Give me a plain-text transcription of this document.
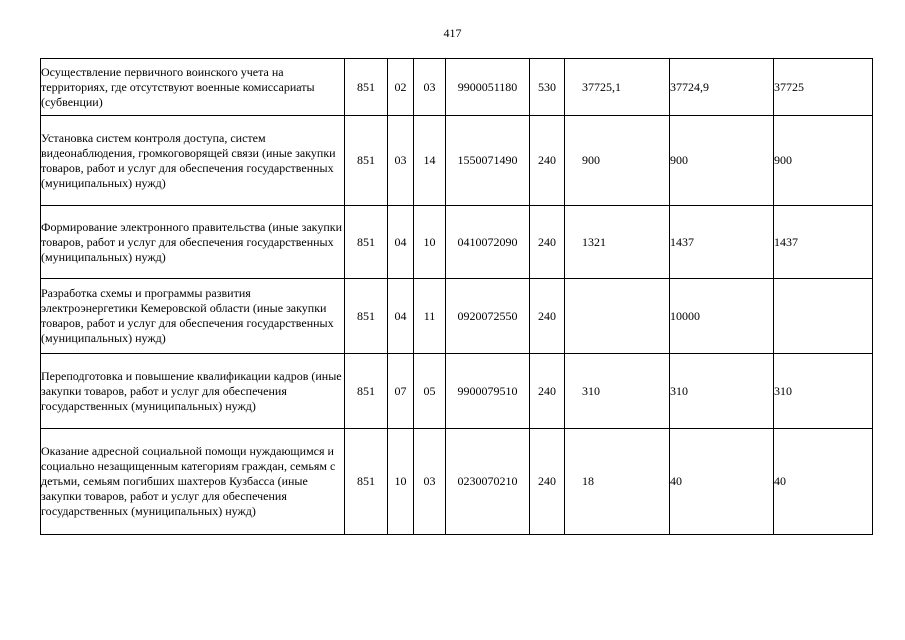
417
Осуществление первичного воинского учета на территориях, где отсутствуют военные комиссариаты (субвенции)	851	02	03	9900051180	530	37725,1	37724,9	37725
Установка систем контроля доступа, систем видеонаблюдения, громкоговорящей связи (иные закупки товаров, работ и услуг для обеспечения государственных (муниципальных) нужд)	851	03	14	1550071490	240	900	900	900
Формирование электронного правительства (иные закупки товаров, работ и услуг для обеспечения государственных (муниципальных) нужд)	851	04	10	0410072090	240	1321	1437	1437
Разработка схемы и программы развития электроэнергетики Кемеровской области (иные закупки товаров, работ и услуг для обеспечения государственных (муниципальных) нужд)	851	04	11	0920072550	240		10000	
Переподготовка и повышение квалификации кадров (иные закупки товаров, работ и услуг для обеспечения государственных (муниципальных) нужд)	851	07	05	9900079510	240	310	310	310
Оказание адресной социальной помощи нуждающимся и социально незащищенным категориям граждан, семьям с детьми, семьям погибших шахтеров Кузбасса (иные закупки товаров, работ и услуг для обеспечения государственных (муниципальных) нужд)	851	10	03	0230070210	240	18	40	40
